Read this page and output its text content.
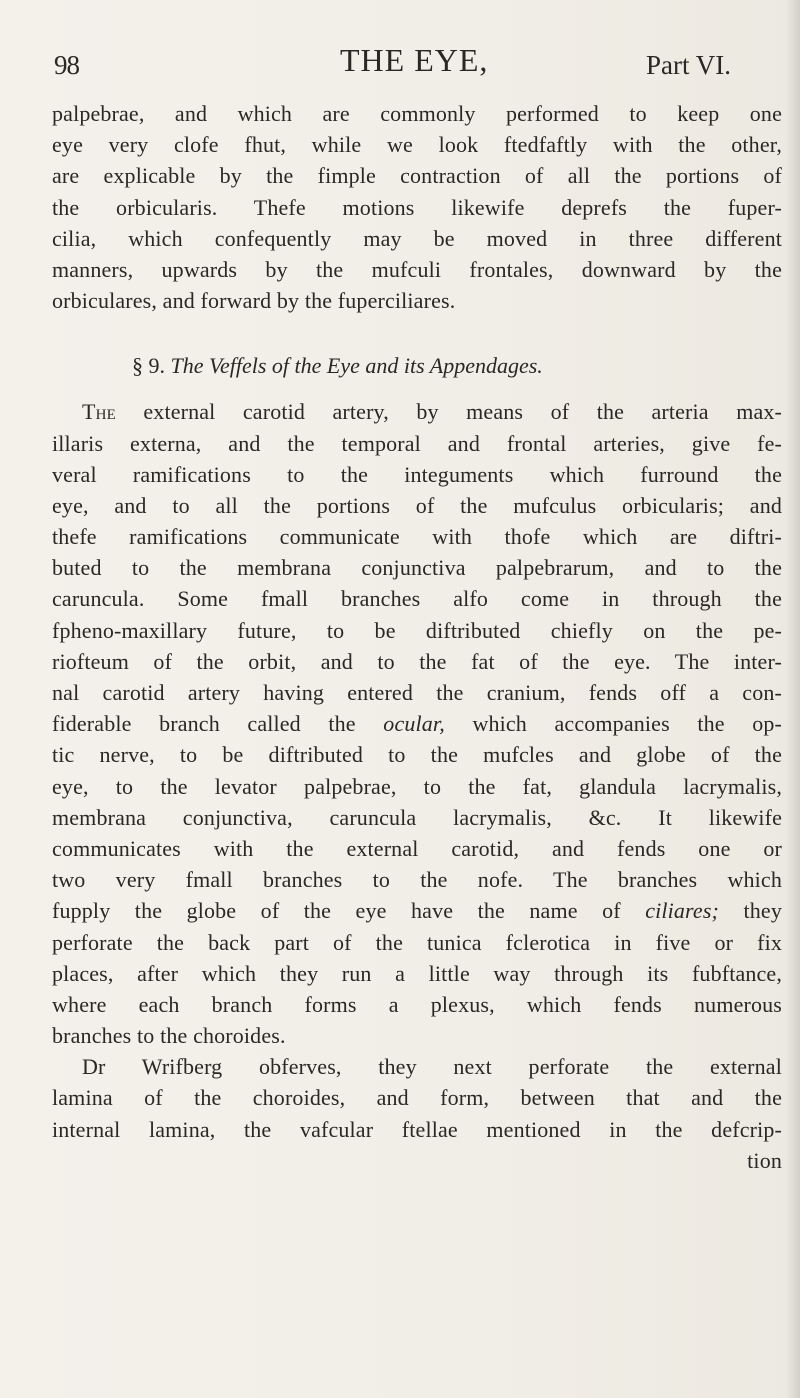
98	THE EYE,	Part VI.
palpebrae, and which are commonly performed to keep one
eye very clofe fhut, while we look ftedfaftly with the other,
are explicable by the fimple contraction of all the portions of
the orbicularis. Thefe motions likewife deprefs the fuper-
cilia, which confequently may be moved in three different
manners, upwards by the mufculi frontales, downward by the
orbiculares, and forward by the fuperciliares.
§ 9. The Veffels of the Eye and its Appendages.
The external carotid artery, by means of the arteria max-
illaris externa, and the temporal and frontal arteries, give fe-
veral ramifications to the integuments which furround the
eye, and to all the portions of the mufculus orbicularis; and
thefe ramifications communicate with thofe which are diftri-
buted to the membrana conjunctiva palpebrarum, and to the
caruncula. Some fmall branches alfo come in through the
fpheno-maxillary future, to be diftributed chiefly on the pe-
riofteum of the orbit, and to the fat of the eye. The inter-
nal carotid artery having entered the cranium, fends off a con-
fiderable branch called the ocular, which accompanies the op-
tic nerve, to be diftributed to the mufcles and globe of the
eye, to the levator palpebrae, to the fat, glandula lacrymalis,
membrana conjunctiva, caruncula lacrymalis, &c. It likewife
communicates with the external carotid, and fends one or
two very fmall branches to the nofe. The branches which
fupply the globe of the eye have the name of ciliares; they
perforate the back part of the tunica fclerotica in five or fix
places, after which they run a little way through its fubftance,
where each branch forms a plexus, which fends numerous
branches to the choroides.
Dr Wrifberg obferves, they next perforate the external
lamina of the choroides, and form, between that and the
internal lamina, the vafcular ftellae mentioned in the defcrip-
tion
